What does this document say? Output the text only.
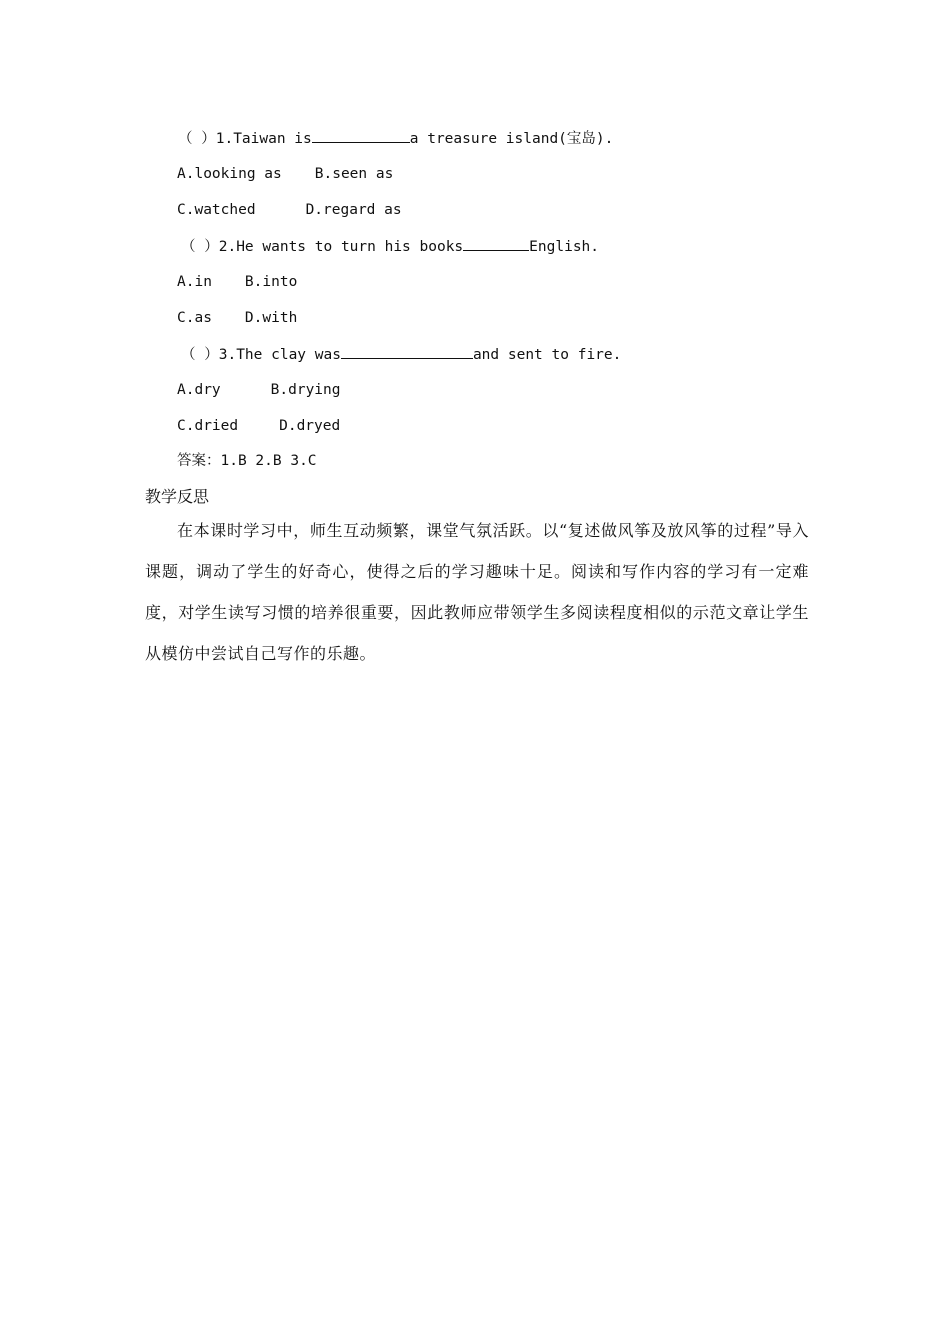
（ ）1.Taiwan is	a treasure island(宝岛).
A.looking as B.seen as
C.watched	D.regard as
（ ）2.He wants to turn his books	English.
A.in B.into
C.as D.with
（ ）3.The clay was	and sent to fire.
A.dry	B.drying
C.dried	D.dryed
答案：1.B 2.B 3.C
教学反思
在本课时学习中，师生互动频繁，课堂气氛活跃。以“复述做风筝及放风筝的过程”导入课题，调动了学生的好奇心，使得之后的学习趣味十足。阅读和写作内容的学习有一定难度，对学生读写习惯的培养很重要，因此教师应带领学生多阅读程度相似的示范文章让学生从模仿中尝试自己写作的乐趣。
